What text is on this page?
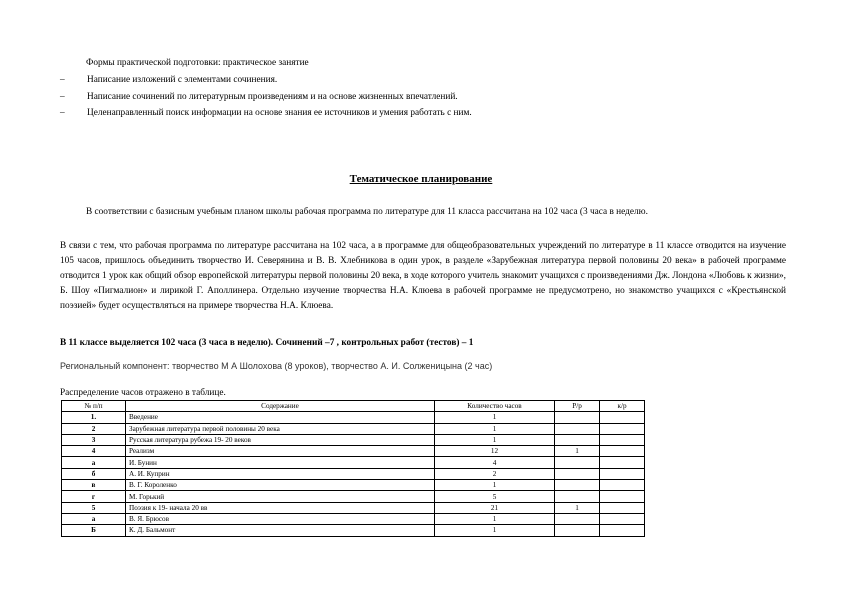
Формы практической подготовки: практическое занятие
– Написание изложений с элементами сочинения.
– Написание сочинений по литературным произведениям и на основе жизненных впечатлений.
– Целенаправленный поиск информации на основе знания ее источников и умения работать с ним.
Тематическое планирование
В соответствии с базисным учебным планом школы рабочая программа по литературе для 11 класса рассчитана на 102 часа (3 часа в неделю.
В связи с тем, что рабочая программа по литературе рассчитана на 102 часа, а в программе для общеобразовательных учреждений по литературе в 11 классе отводится на изучение 105 часов, пришлось объединить творчество И. Северянина и В. В. Хлебникова в один урок, в разделе «Зарубежная литература первой половины 20 века» в рабочей программе отводится 1 урок как общий обзор европейской литературы первой половины 20 века, в ходе которого учитель знакомит учащихся с произведениями Дж. Лондона «Любовь к жизни», Б. Шоу «Пигмалион» и лирикой Г. Аполлинера. Отдельно изучение творчества Н.А. Клюева в рабочей программе не предусмотрено, но знакомство учащихся с «Крестьянской поэзией» будет осуществляться на примере творчества Н.А. Клюева.
В 11 классе выделяется 102 часа (3 часа в неделю). Сочинений –7 , контрольных работ (тестов) – 1
Региональный компонент: творчество М А Шолохова (8 уроков), творчество А. И. Солженицына (2 час)
Распределение часов отражено в таблице.
№ п/п	Содержание	Количество часов	Р/р	к/р
1.	Введение	1		
2	Зарубежная литература первой половины 20 века	1		
3	Русская литература рубежа 19- 20 веков	1		
4	Реализм	12	1	
а	И. Бунин	4		
б	А. И. Куприн	2		
в	В. Г. Короленко	1		
г	М. Горький	5		
5	Поэзия к 19- начала 20 вв	21	1	
а	В. Я. Брюсов	1		
Б	К. Д. Бальмонт	1		
